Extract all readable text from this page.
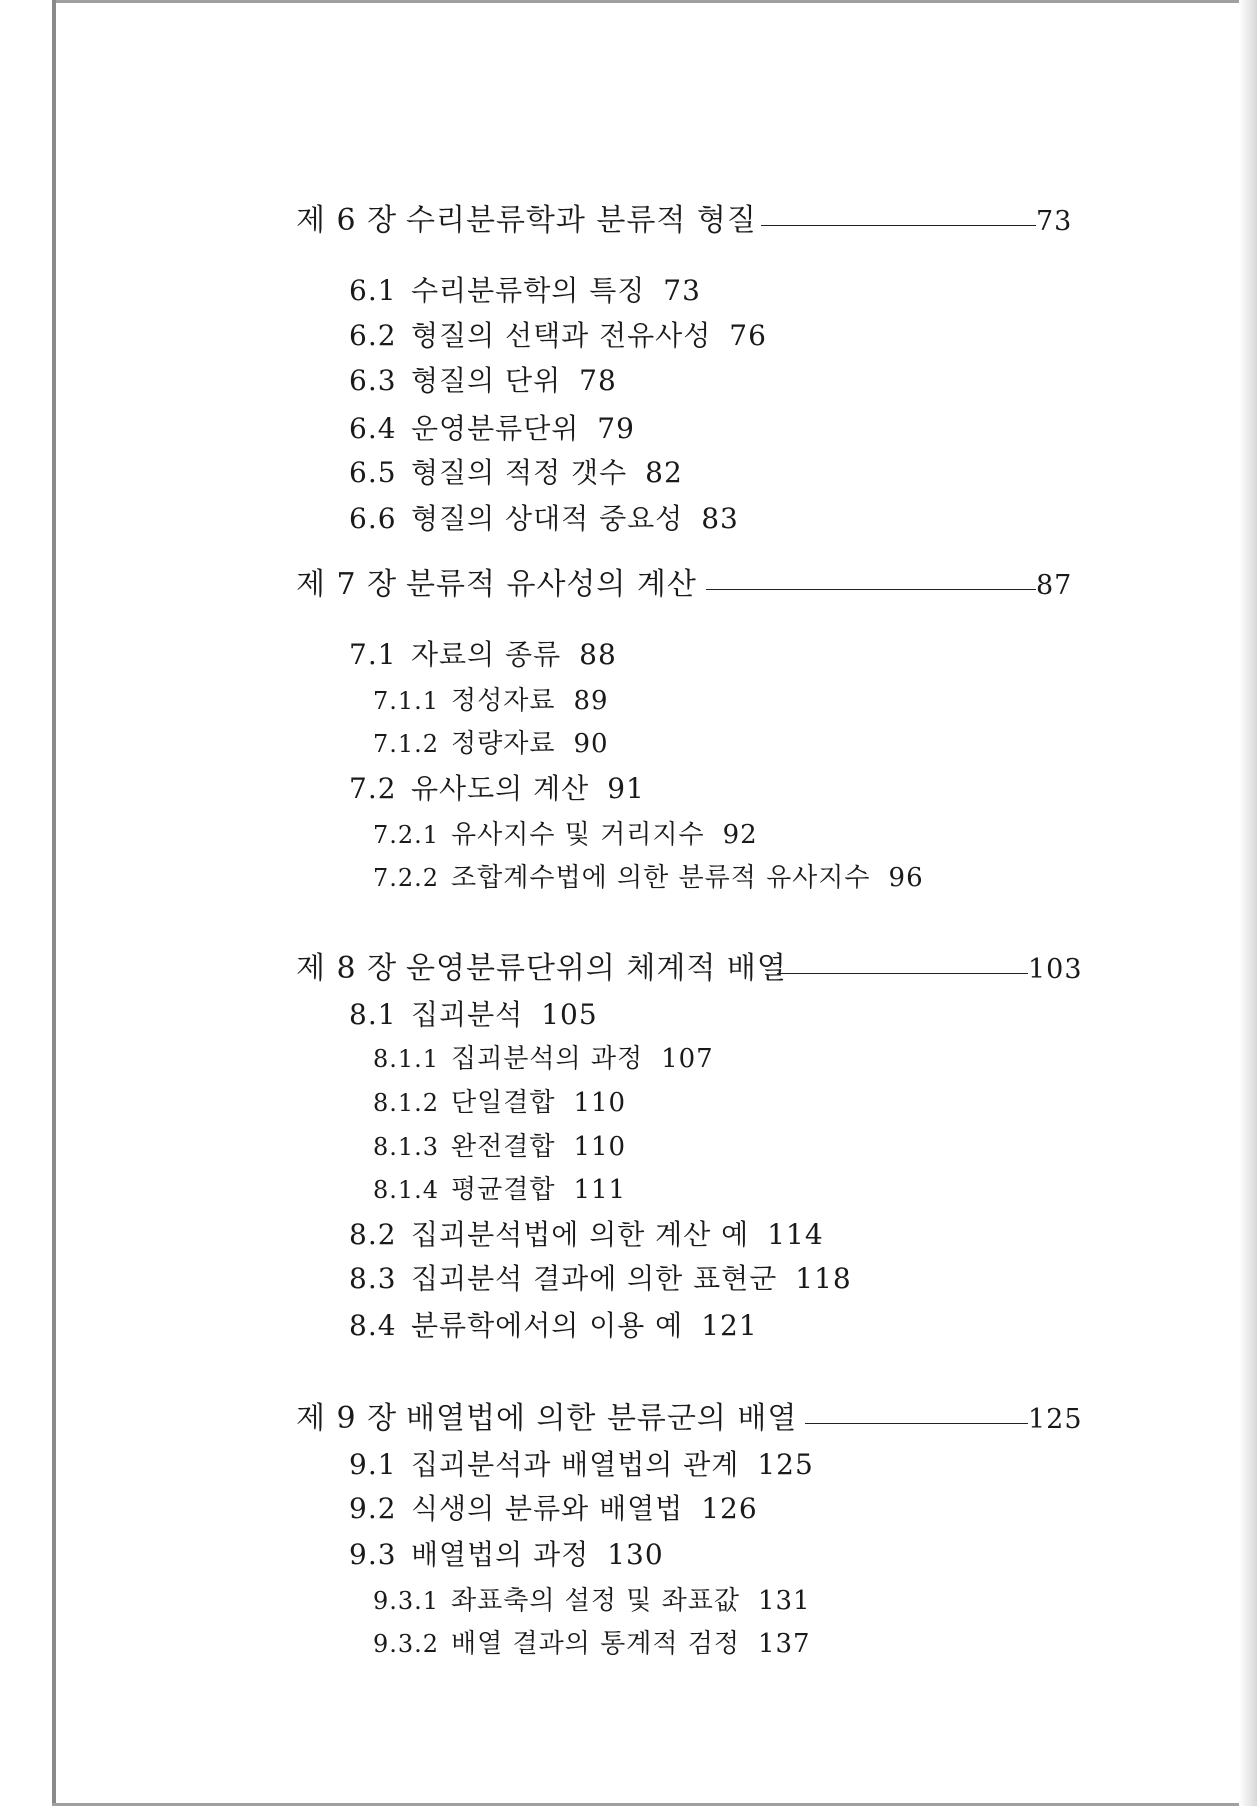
제 6 장 수리분류학과 분류적 형질	73
6.1 수리분류학의 특징 73
6.2 형질의 선택과 전유사성 76
6.3 형질의 단위 78
6.4 운영분류단위 79
6.5 형질의 적정 갯수 82
6.6 형질의 상대적 중요성 83
제 7 장 분류적 유사성의 계산	87
7.1 자료의 종류 88
7.1.1 정성자료 89
7.1.2 정량자료 90
7.2 유사도의 계산 91
7.2.1 유사지수 및 거리지수 92
7.2.2 조합계수법에 의한 분류적 유사지수 96
제 8 장 운영분류단위의 체계적 배열	103
8.1 집괴분석 105
8.1.1 집괴분석의 과정 107
8.1.2 단일결합 110
8.1.3 완전결합 110
8.1.4 평균결합 111
8.2 집괴분석법에 의한 계산 예 114
8.3 집괴분석 결과에 의한 표현군 118
8.4 분류학에서의 이용 예 121
제 9 장 배열법에 의한 분류군의 배열	125
9.1 집괴분석과 배열법의 관계 125
9.2 식생의 분류와 배열법 126
9.3 배열법의 과정 130
9.3.1 좌표축의 설정 및 좌표값 131
9.3.2 배열 결과의 통계적 검정 137
